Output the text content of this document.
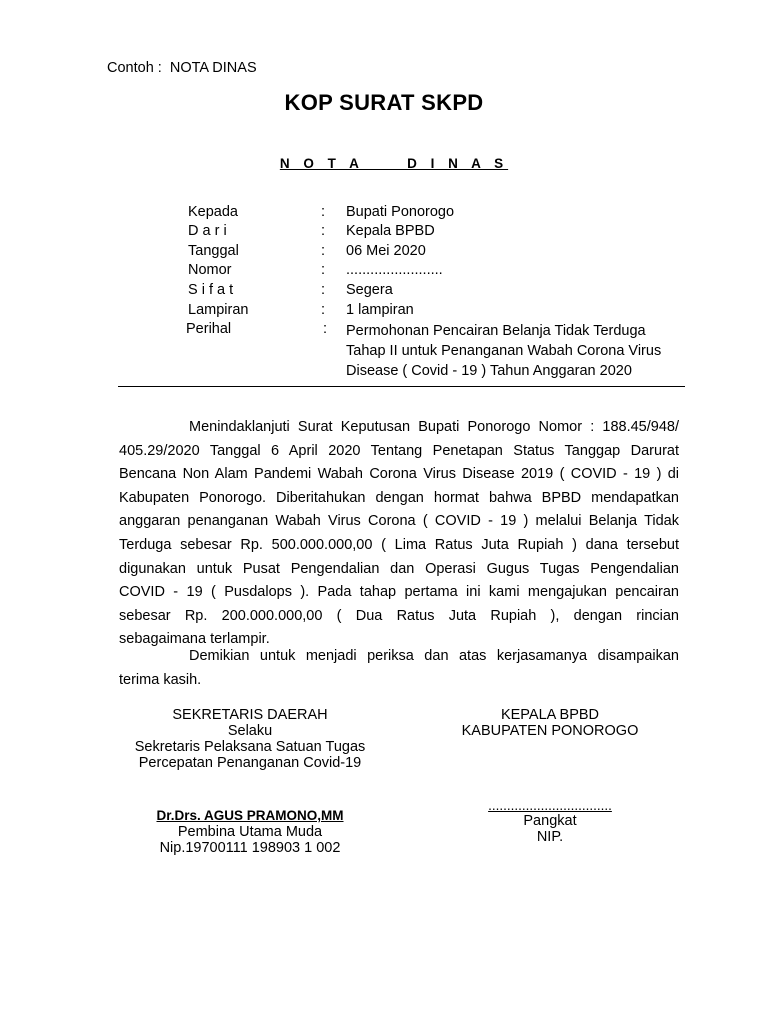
Contoh :  NOTA DINAS
KOP SURAT SKPD
N O T A     D I N A S
Kepada	: Bupati Ponorogo
D a r i	: Kepala BPBD
Tanggal	: 06 Mei 2020
Nomor	: ........................
S i f a t	: Segera
Lampiran	: 1 lampiran
Perihal	: Permohonan Pencairan Belanja Tidak Terduga
Tahap II untuk Penanganan Wabah Corona Virus
Disease ( Covid - 19 ) Tahun Anggaran 2020
Menindaklanjuti Surat Keputusan Bupati Ponorogo Nomor : 188.45/948/
405.29/2020 Tanggal 6 April 2020 Tentang Penetapan Status Tanggap Darurat
Bencana Non Alam Pandemi Wabah Corona Virus Disease 2019 ( COVID - 19 ) di
Kabupaten Ponorogo. Diberitahukan dengan hormat bahwa BPBD mendapatkan
anggaran penanganan Wabah Virus Corona ( COVID - 19 ) melalui Belanja Tidak
Terduga sebesar Rp. 500.000.000,00 ( Lima Ratus Juta Rupiah ) dana tersebut
digunakan untuk Pusat Pengendalian dan Operasi Gugus Tugas Pengendalian
COVID - 19 ( Pusdalops ). Pada tahap pertama ini kami mengajukan pencairan
sebesar Rp. 200.000.000,00 ( Dua Ratus Juta Rupiah ), dengan rincian
sebagaimana terlampir.
Demikian untuk menjadi periksa dan atas kerjasamanya disampaikan
terima kasih.
SEKRETARIS DAERAH
Selaku
Sekretaris Pelaksana Satuan Tugas
Percepatan Penanganan Covid-19
KEPALA BPBD
KABUPATEN PONOROGO
Dr.Drs. AGUS PRAMONO,MM
Pembina Utama Muda
Nip.19700111 198903 1 002
.................................
Pangkat
NIP.
